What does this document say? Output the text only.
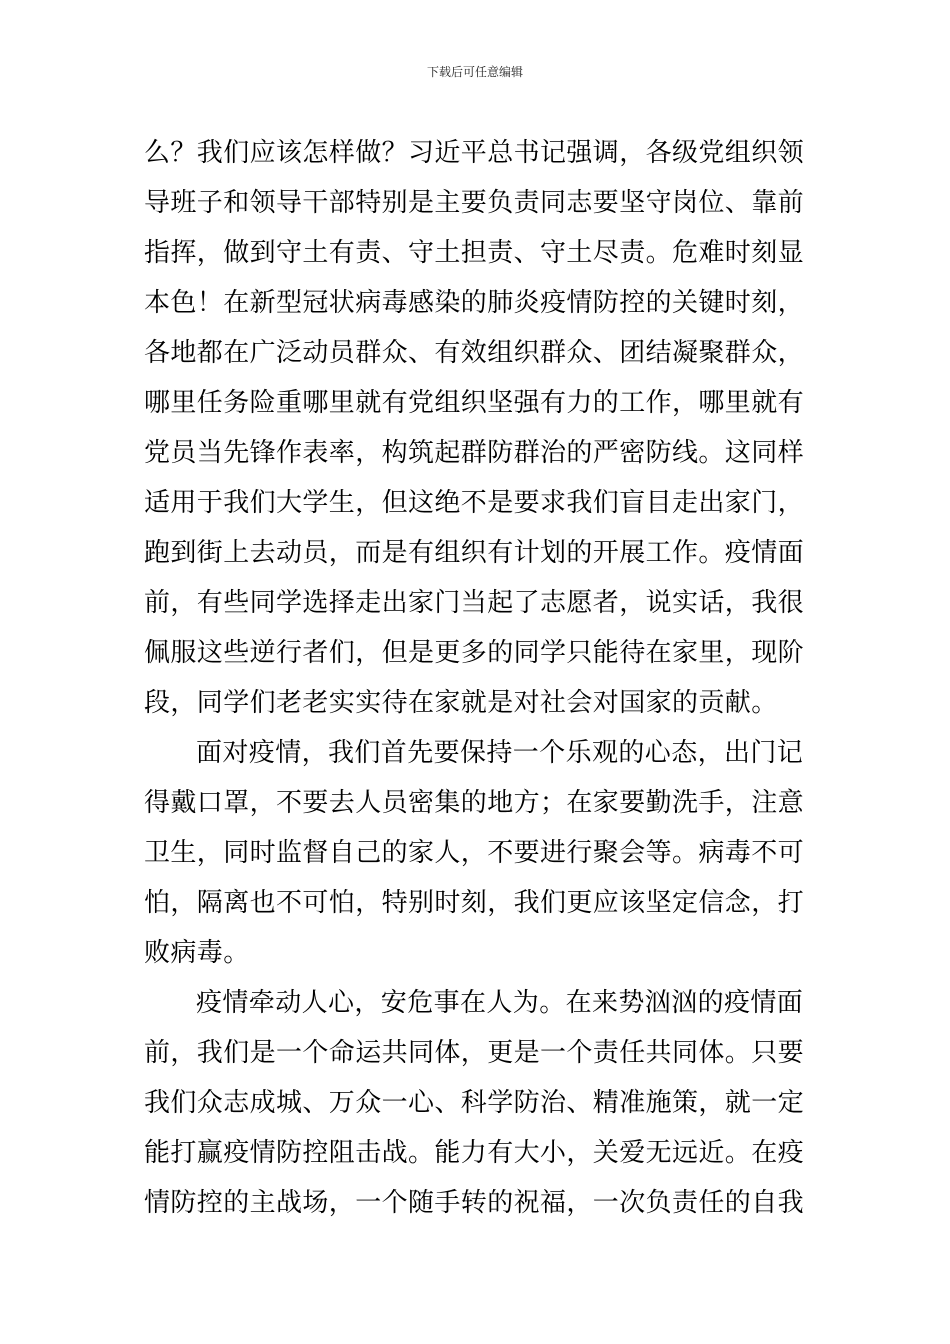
下载后可任意编辑
么？我们应该怎样做？习近平总书记强调，各级党组织领
导班子和领导干部特别是主要负责同志要坚守岗位、靠前
指挥，做到守土有责、守土担责、守土尽责。危难时刻显
本色！在新型冠状病毒感染的肺炎疫情防控的关键时刻，
各地都在广泛动员群众、有效组织群众、团结凝聚群众，
哪里任务险重哪里就有党组织坚强有力的工作，哪里就有
党员当先锋作表率，构筑起群防群治的严密防线。这同样
适用于我们大学生，但这绝不是要求我们盲目走出家门，
跑到街上去动员，而是有组织有计划的开展工作。疫情面
前，有些同学选择走出家门当起了志愿者，说实话，我很
佩服这些逆行者们，但是更多的同学只能待在家里，现阶
段，同学们老老实实待在家就是对社会对国家的贡献。
面对疫情，我们首先要保持一个乐观的心态，出门记
得戴口罩，不要去人员密集的地方；在家要勤洗手，注意
卫生，同时监督自己的家人，不要进行聚会等。病毒不可
怕，隔离也不可怕，特别时刻，我们更应该坚定信念，打
败病毒。
疫情牵动人心，安危事在人为。在来势汹汹的疫情面
前，我们是一个命运共同体，更是一个责任共同体。只要
我们众志成城、万众一心、科学防治、精准施策，就一定
能打赢疫情防控阻击战。能力有大小，关爱无远近。在疫
情防控的主战场，一个随手转的祝福，一次负责任的自我
